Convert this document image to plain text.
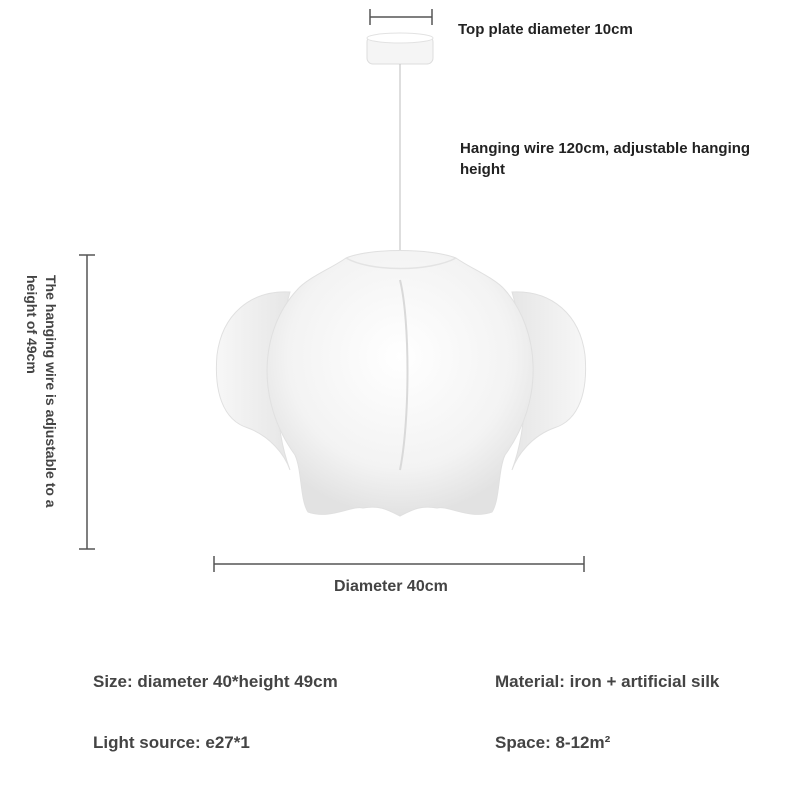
Top plate diameter 10cm
Hanging wire 120cm, adjustable hanging height
The hanging wire is adjustable to a height of 49cm
Diameter 40cm
Size: diameter 40*height 49cm	Material: iron + artificial silk
Light source: e27*1	Space: 8-12m²
